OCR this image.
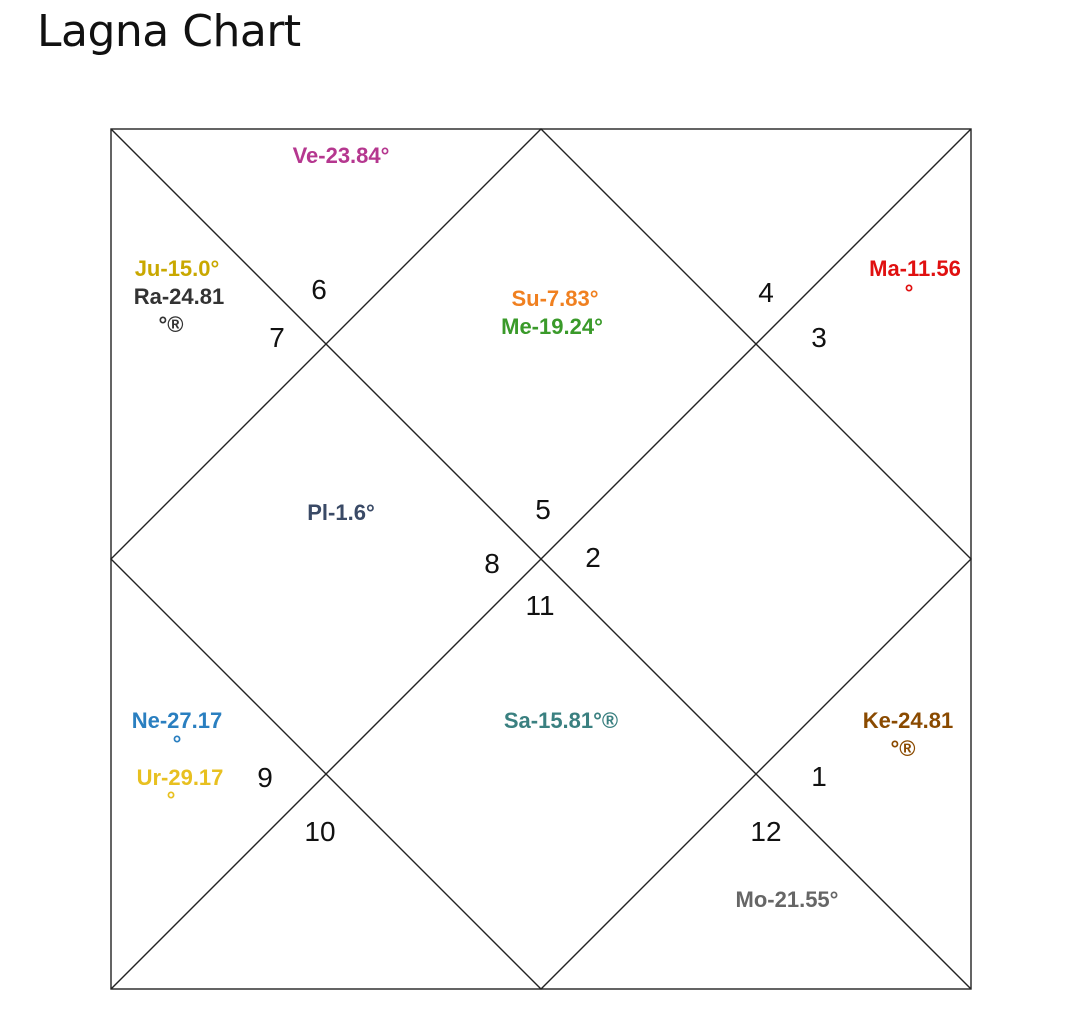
Lagna Chart
6
7
4
3
5
8	2
11
9
10
1
12
Ve-23.84°
Ju-15.0°
Ra-24.81
°®
Su-7.83°
Me-19.24°
Ma-11.56
°
Pl-1.6°
Ne-27.17
°
Ur-29.17
°
Sa-15.81°®	Ke-24.81
°®
Mo-21.55°
